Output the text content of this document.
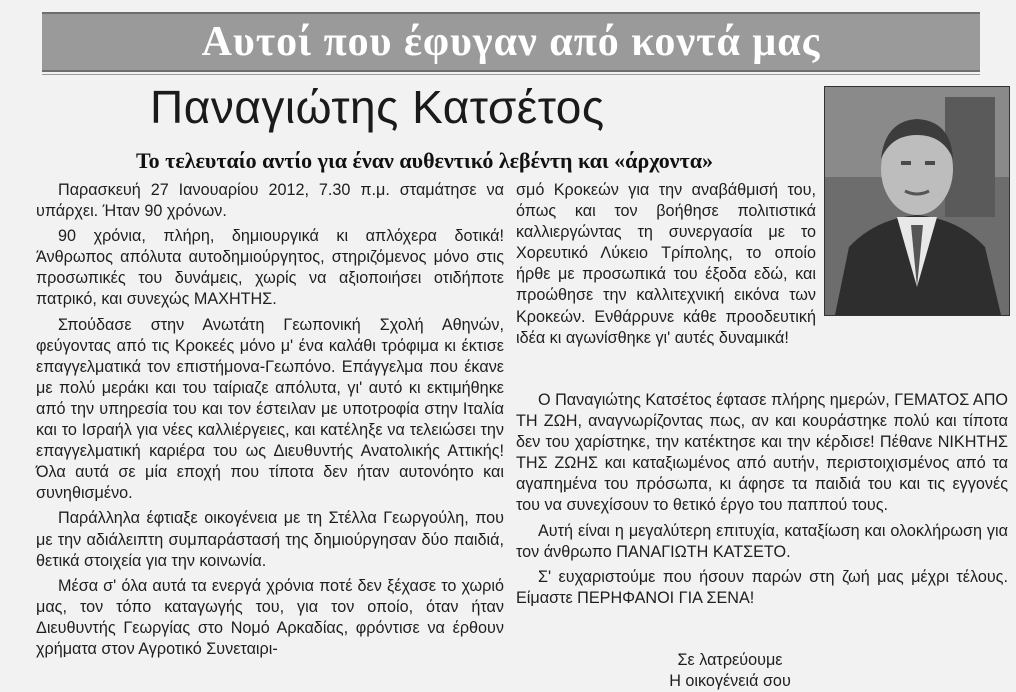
Αυτοί που έφυγαν από κοντά μας
Παναγιώτης Κατσέτος
Το τελευταίο αντίο για έναν αυθεντικό λεβέντη και «άρχοντα»

Παρασκευή 27 Ιανουαρίου 2012, 7.30 π.μ. σταμάτησε να υπάρχει. Ήταν 90 χρόνων.

90 χρόνια, πλήρη, δημιουργικά κι απλόχερα δοτικά! Άνθρωπος απόλυτα αυτοδημιούργητος, στηριζόμενος μόνο στις προσωπικές του δυνάμεις, χωρίς να αξιοποιήσει οτιδήποτε πατρικό, και συνεχώς ΜΑΧΗΤΗΣ.

Σπούδασε στην Ανωτάτη Γεωπονική Σχολή Αθηνών, φεύγοντας από τις Κροκεές μόνο μ' ένα καλάθι τρόφιμα κι έκτισε επαγγελματικά τον επιστήμονα-Γεωπόνο. Επάγγελμα που έκανε με πολύ μεράκι και του ταίριαζε απόλυτα, γι' αυτό κι εκτιμήθηκε από την υπηρεσία του και τον έστειλαν με υποτροφία στην Ιταλία και το Ισραήλ για νέες καλλιέργειες, και κατέληξε να τελειώσει την επαγγελματική καριέρα του ως Διευθυντής Ανατολικής Αττικής! Όλα αυτά σε μία εποχή που τίποτα δεν ήταν αυτονόητο και συνηθισμένο.

Παράλληλα έφτιαξε οικογένεια με τη Στέλλα Γεωργούλη, που με την αδιάλειπτη συμπαράστασή της δημιούργησαν δύο παιδιά, θετικά στοιχεία για την κοινωνία.

Μέσα σ' όλα αυτά τα ενεργά χρόνια ποτέ δεν ξέχασε το χωριό μας, τον τόπο καταγωγής του, για τον οποίο, όταν ήταν Διευθυντής Γεωργίας στο Νομό Αρκαδίας, φρόντισε να έρθουν χρήματα στον Αγροτικό Συνεταιρι-

σμό Κροκεών για την αναβάθμισή του, όπως και τον βοήθησε πολιτιστικά καλλιεργώντας τη συνεργασία με το Χορευτικό Λύκειο Τρίπολης, το οποίο ήρθε με προσωπικά του έξοδα εδώ, και προώθησε την καλλιτεχνική εικόνα των Κροκεών. Ενθάρρυνε κάθε προοδευτική ιδέα κι αγωνίσθηκε γι' αυτές δυναμικά!

Ο Παναγιώτης Κατσέτος έφτασε πλήρης ημερών, ΓΕΜΑΤΟΣ ΑΠΟ ΤΗ ΖΩΗ, αναγνωρίζοντας πως, αν και κουράστηκε πολύ και τίποτα δεν του χαρίστηκε, την κατέκτησε και την κέρδισε! Πέθανε ΝΙΚΗΤΗΣ ΤΗΣ ΖΩΗΣ και καταξιωμένος από αυτήν, περιστοιχισμένος από τα αγαπημένα του πρόσωπα, κι άφησε τα παιδιά του και τις εγγονές του να συνεχίσουν το θετικό έργο του παππού τους.

Αυτή είναι η μεγαλύτερη επιτυχία, καταξίωση και ολοκλήρωση για τον άνθρωπο ΠΑΝΑΓΙΩΤΗ ΚΑΤΣΕΤΟ.

Σ' ευχαριστούμε που ήσουν παρών στη ζωή μας μέχρι τέλους. Είμαστε ΠΕΡΗΦΑΝΟΙ ΓΙΑ ΣΕΝΑ!

Σε λατρεύουμε
Η οικογένειά σου
